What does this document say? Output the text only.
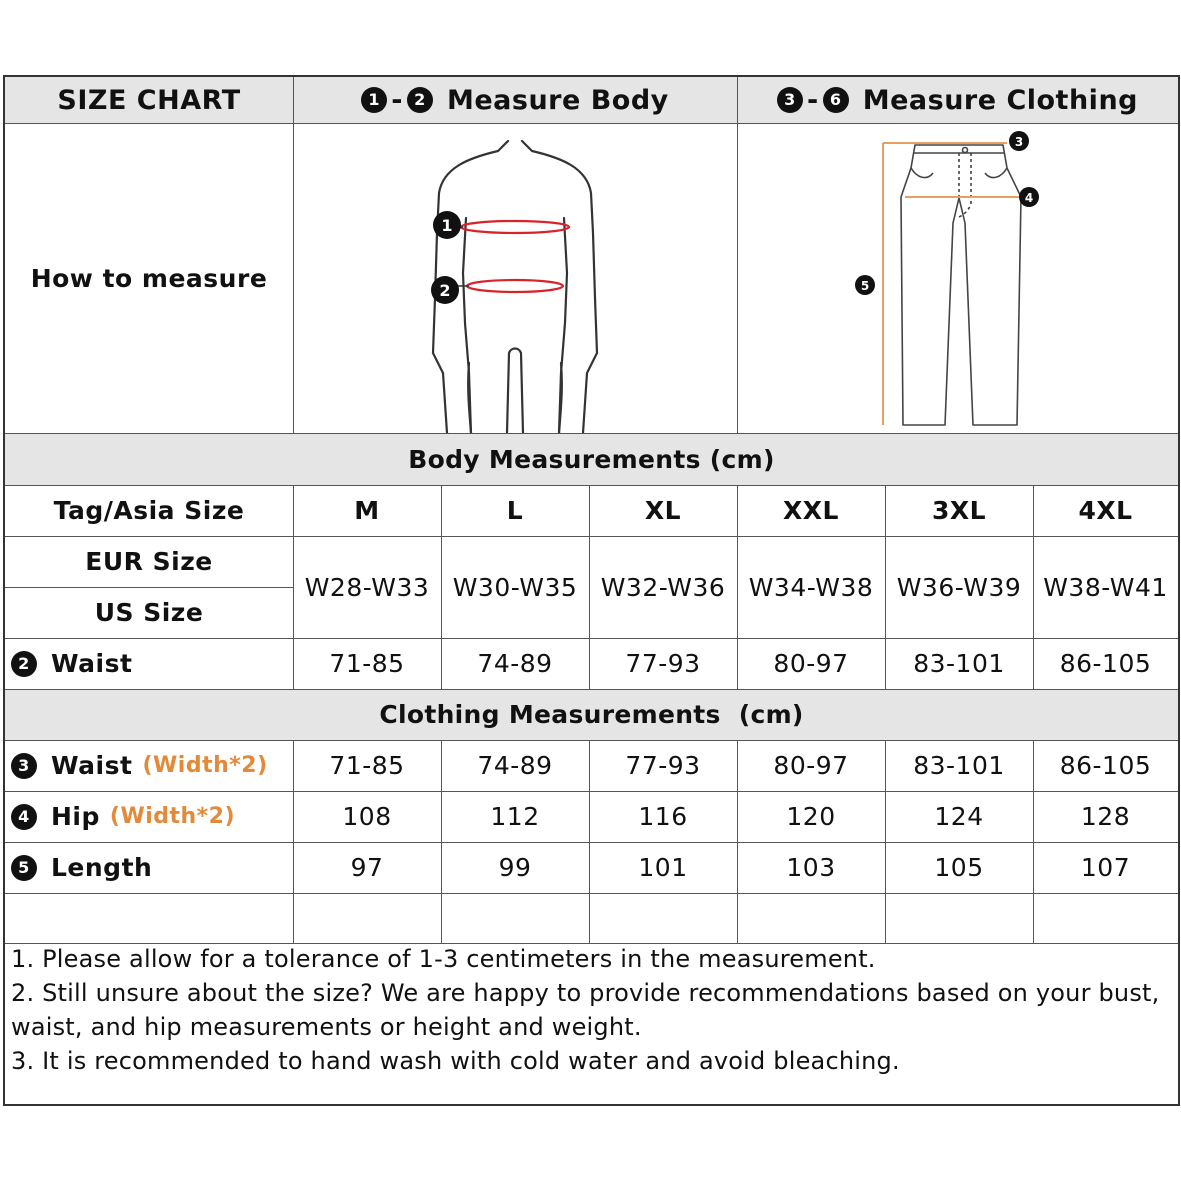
SIZE CHART	1 - 2 Measure Body	3 - 6 Measure Clothing
How to measure
1
2
3
4
5
Body Measurements (cm)
Tag/Asia Size	M	L	XL	XXL	3XL	4XL
EUR Size
US Size
W28-W33 W30-W35 W32-W36 W34-W38 W36-W39 W38-W41
2 Waist	71-85	74-89	77-93	80-97	83-101	86-105
Clothing Measurements  (cm)
3 Waist (Width*2)	71-85	74-89	77-93	80-97	83-101	86-105
4 Hip (Width*2)	108	112	116	120	124	128
5 Length	97	99	101	103	105	107
1. Please allow for a tolerance of 1-3 centimeters in the measurement.
2. Still unsure about the size? We are happy to provide recommendations based on your bust, waist, and hip measurements or height and weight.
3. It is recommended to hand wash with cold water and avoid bleaching.
